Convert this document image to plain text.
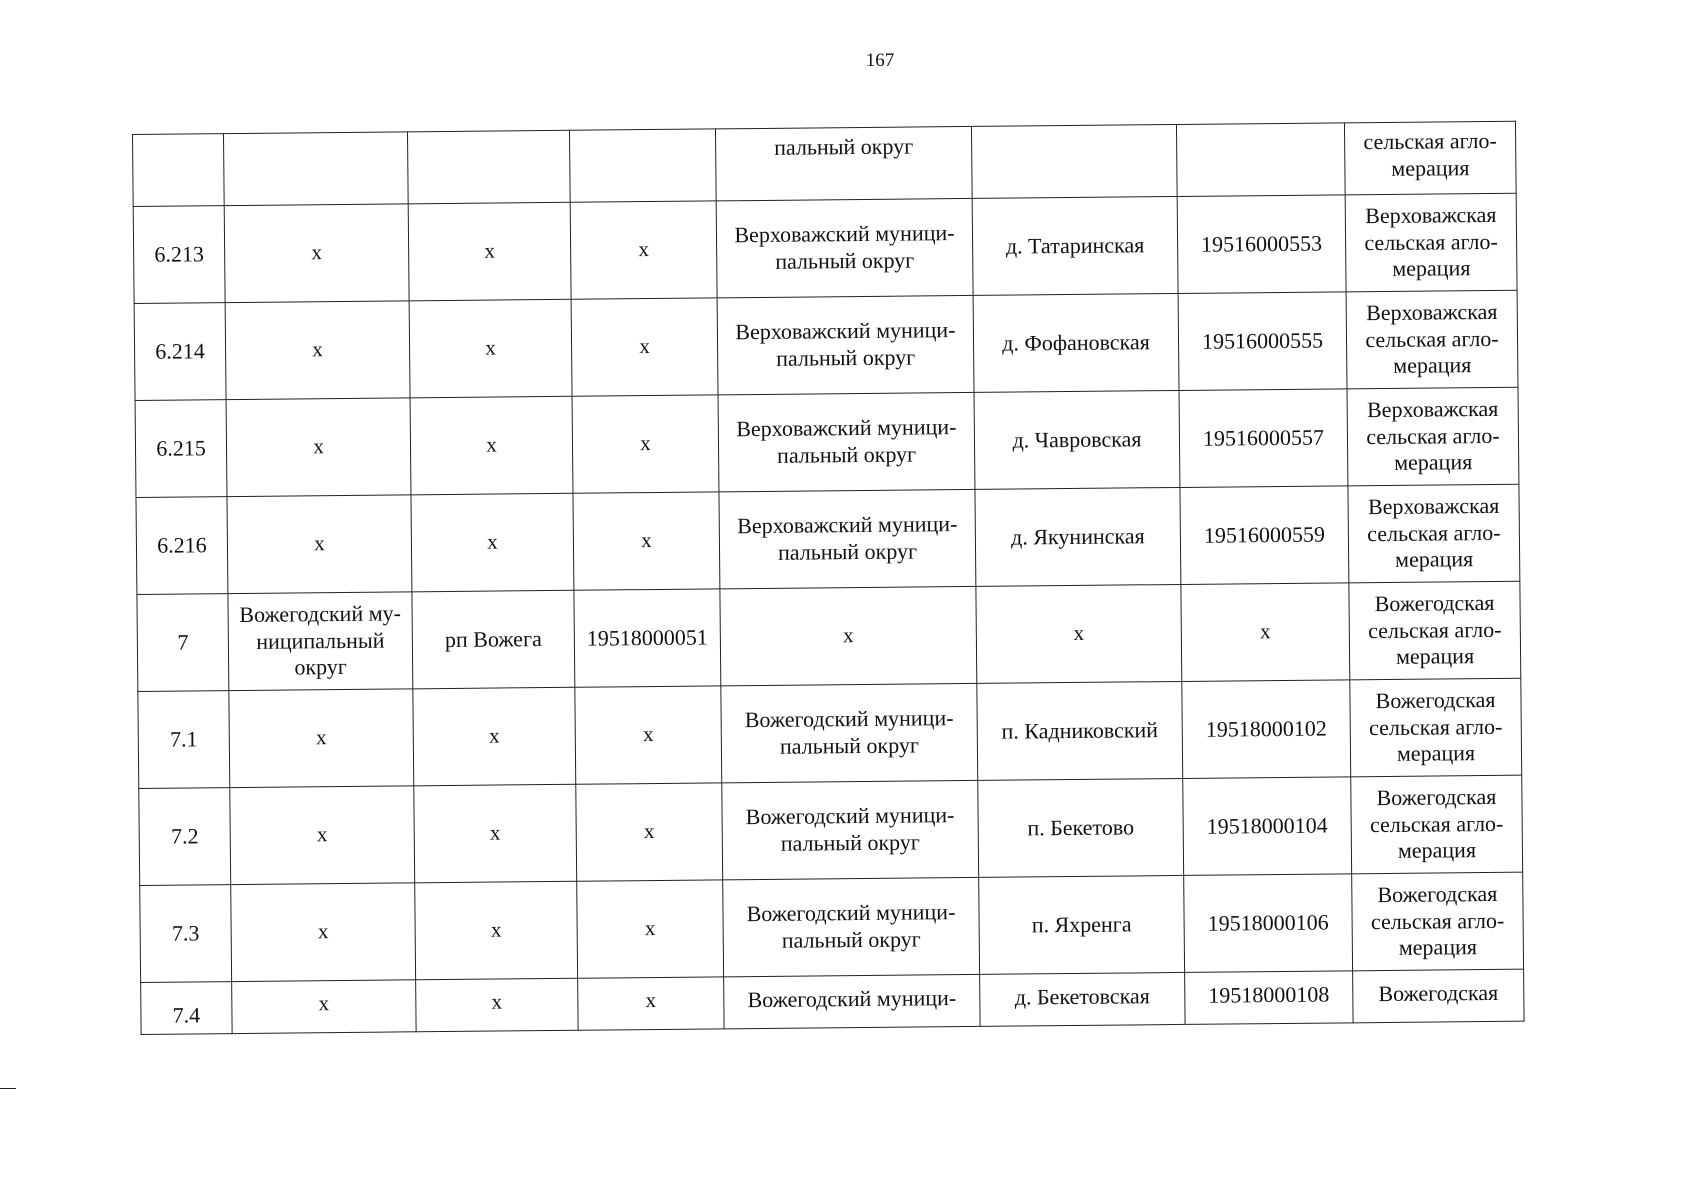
167
				пальный округ			сельская агло-
мерация
6.213	х	х	х	Верховажский муници-
пальный округ	д. Татаринская	19516000553	Верховажская
сельская агло-
мерация
6.214	х	х	х	Верховажский муници-
пальный округ	д. Фофановская	19516000555	Верховажская
сельская агло-
мерация
6.215	х	х	х	Верховажский муници-
пальный округ	д. Чавровская	19516000557	Верховажская
сельская агло-
мерация
6.216	х	х	х	Верховажский муници-
пальный округ	д. Якунинская	19516000559	Верховажская
сельская агло-
мерация
7	Вожегодский му-
ниципальный
округ	рп Вожега	19518000051	х	х	х	Вожегодская
сельская агло-
мерация
7.1	х	х	х	Вожегодский муници-
пальный округ	п. Кадниковский	19518000102	Вожегодская
сельская агло-
мерация
7.2	х	х	х	Вожегодский муници-
пальный округ	п. Бекетово	19518000104	Вожегодская
сельская агло-
мерация
7.3	х	х	х	Вожегодский муници-
пальный округ	п. Яхренга	19518000106	Вожегодская
сельская агло-
мерация
7.4	х	х	х	Вожегодский муници-	д. Бекетовская	19518000108	Вожегодская
